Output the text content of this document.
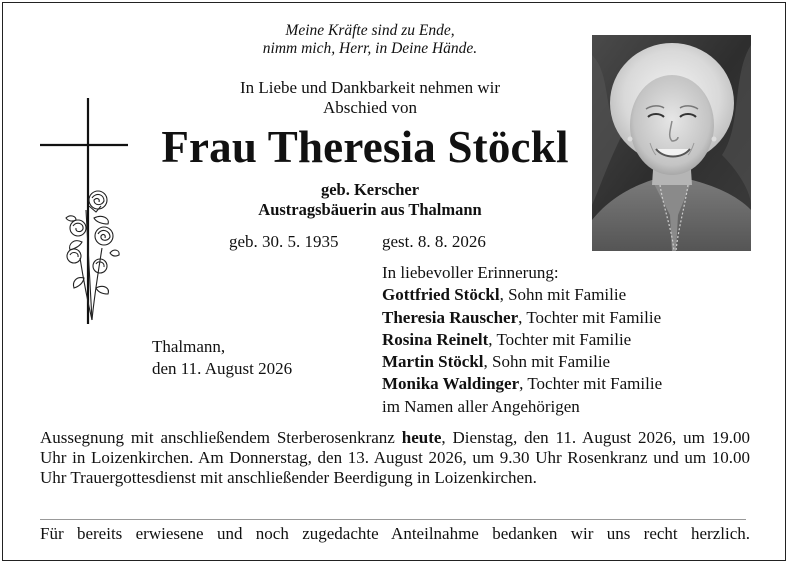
Meine Kräfte sind zu Ende,
nimm mich, Herr, in Deine Hände.
In Liebe und Dankbarkeit nehmen wir
Abschied von
Frau Theresia Stöckl
geb. Kerscher
Austragsbäuerin aus Thalmann
geb. 30. 5. 1935	gest. 8. 8. 2026
In liebevoller Erinnerung:
Gottfried Stöckl, Sohn mit Familie
Theresia Rauscher, Tochter mit Familie
Rosina Reinelt, Tochter mit Familie
Martin Stöckl, Sohn mit Familie
Monika Waldinger, Tochter mit Familie
im Namen aller Angehörigen
Thalmann,
den 11. August 2026
Aussegnung mit anschließendem Sterberosenkranz heute, Dienstag, den 11. August 2026, um 19.00 Uhr in Loizenkirchen. Am Donnerstag, den 13. August 2026, um 9.30 Uhr Rosenkranz und um 10.00 Uhr Trauergottesdienst mit anschließender Beerdigung in Loizenkirchen.
Für bereits erwiesene und noch zugedachte Anteilnahme bedanken wir uns recht herzlich.
